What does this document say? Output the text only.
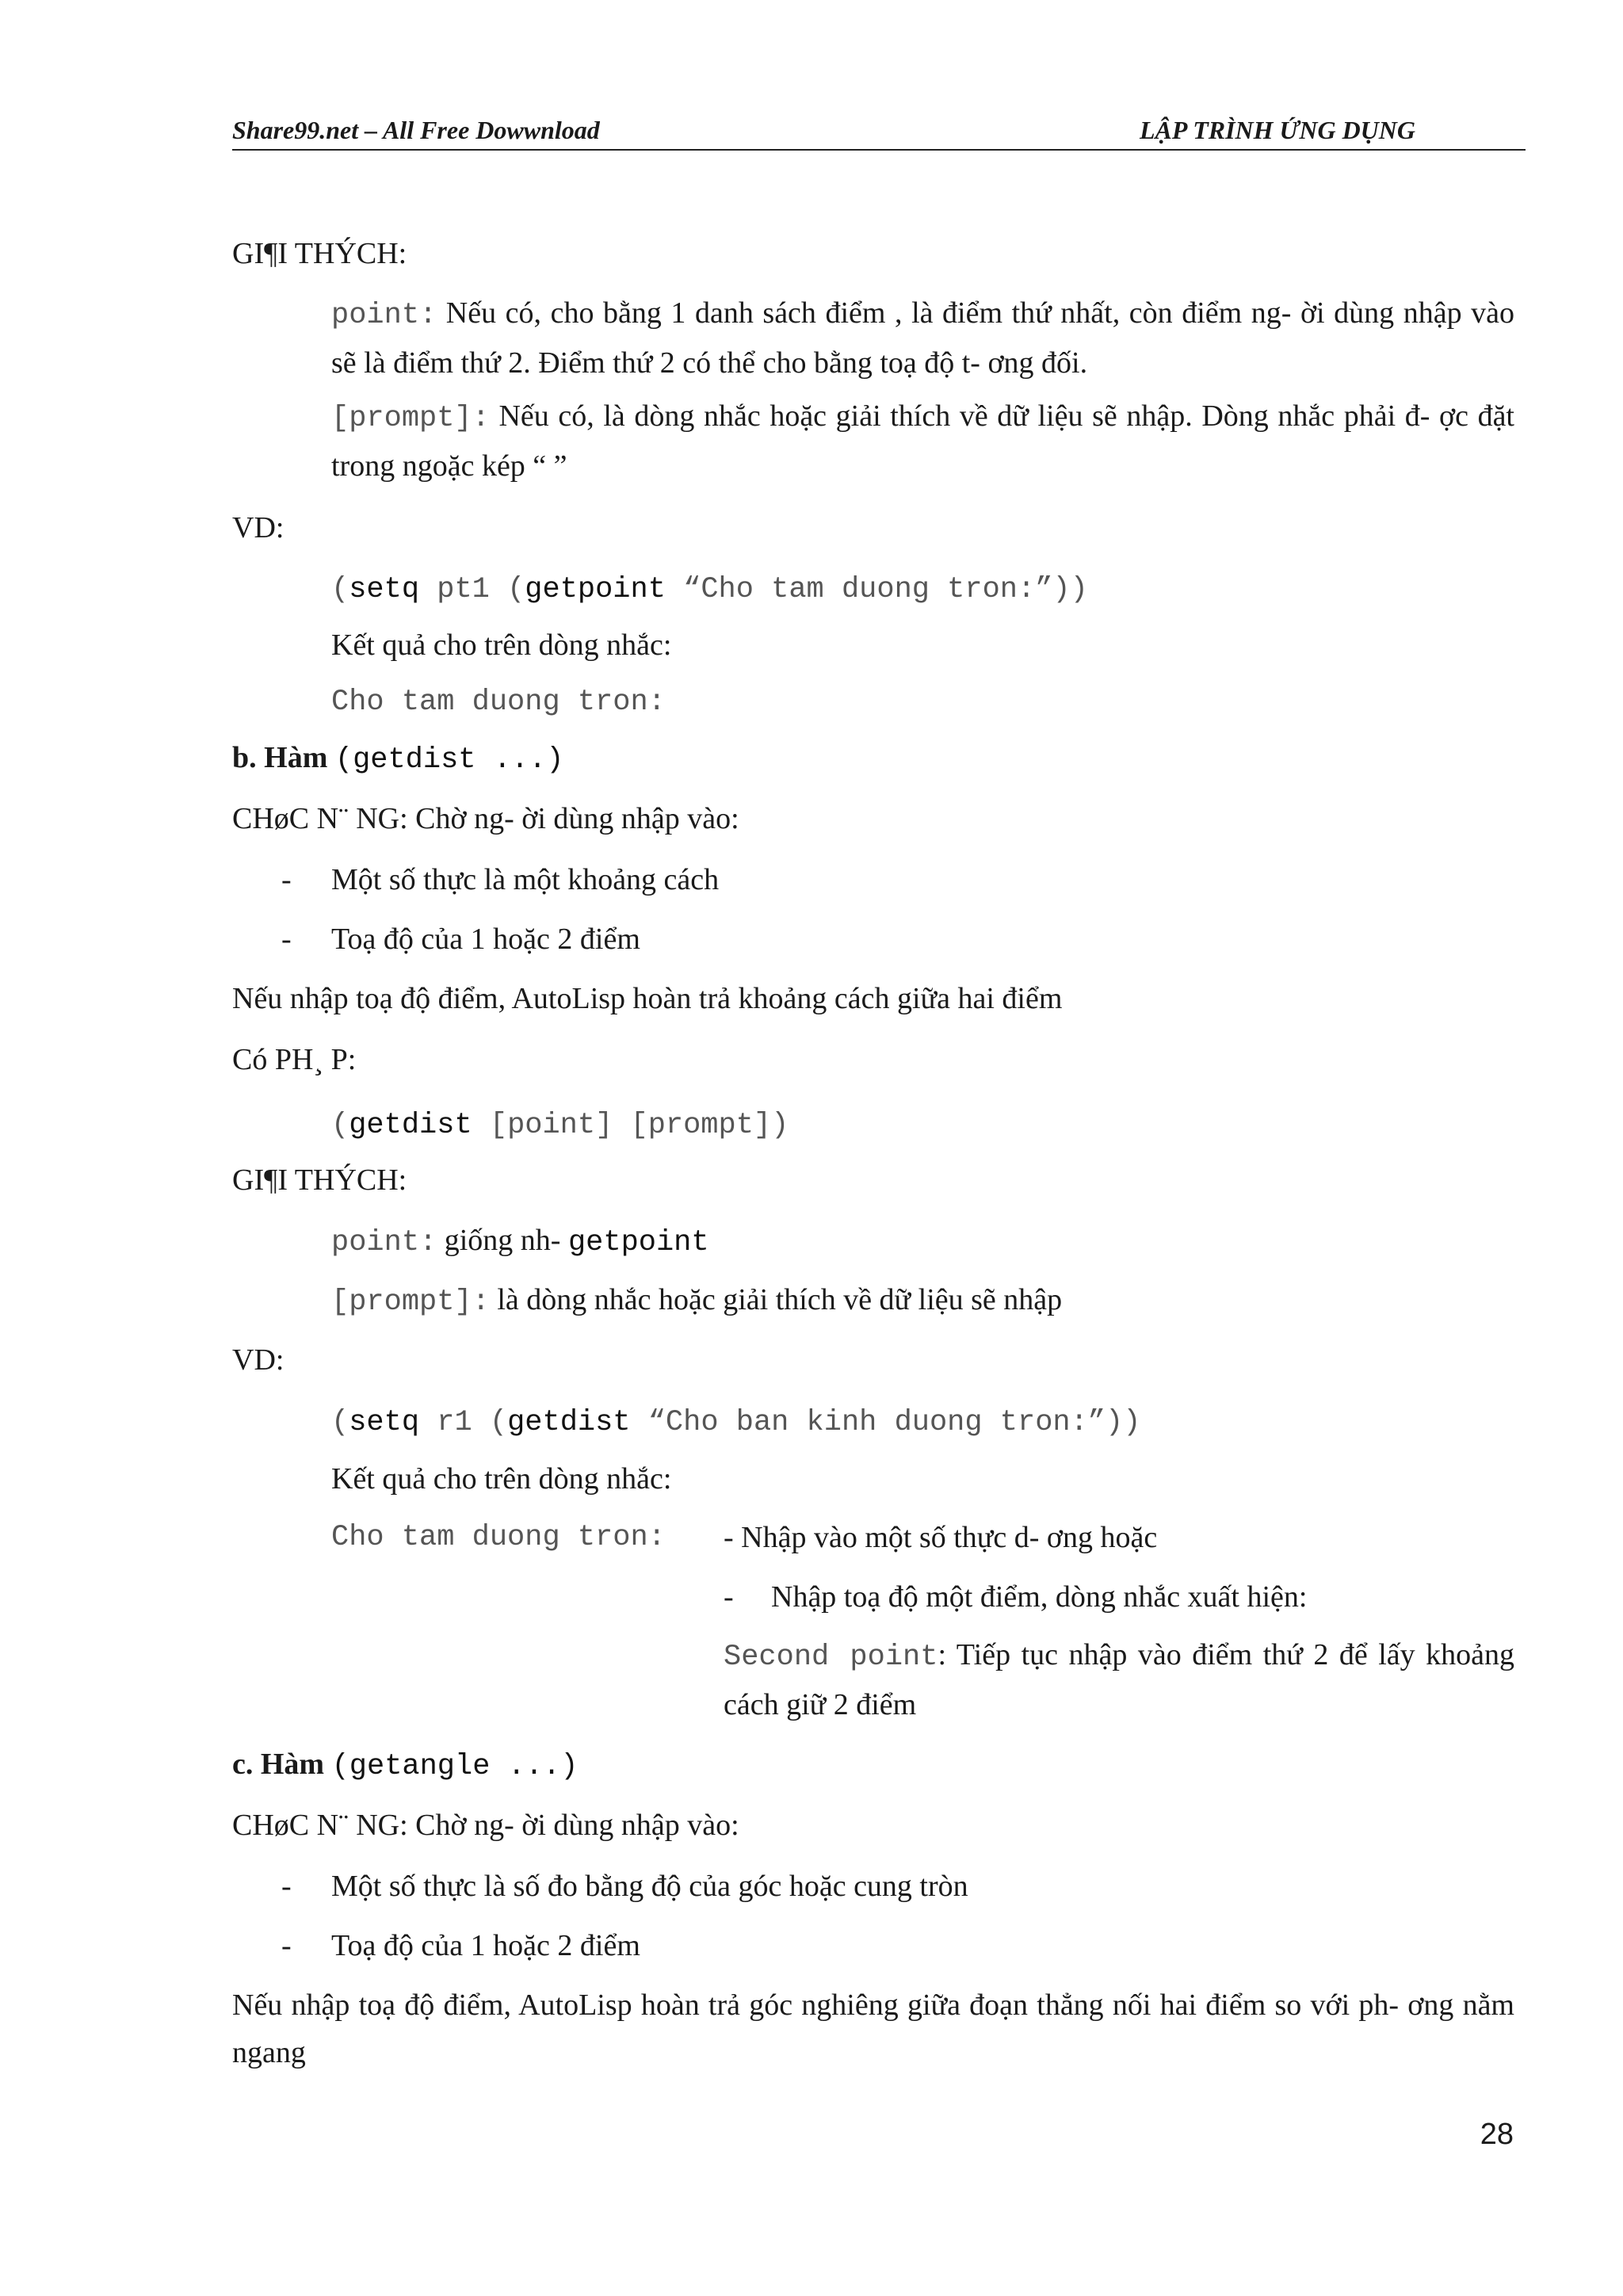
Share99.net – All Free Dowwnload	LẬP TRÌNH ỨNG DỤNG
GI¶I THÝCH:
point: Nếu có, cho bằng 1 danh sách điểm , là điểm thứ nhất, còn điểm ng- ời dùng nhập vào sẽ là điểm thứ 2. Điểm thứ 2 có thể cho bằng toạ độ t- ơng đối.
[prompt]: Nếu có, là dòng nhắc hoặc giải thích về dữ liệu sẽ nhập. Dòng nhắc phải đ- ợc đặt trong ngoặc kép “ ”
VD:
(setq pt1 (getpoint “Cho tam duong tron:”))
Kết quả cho trên dòng nhắc:
Cho tam duong tron:
b. Hàm (getdist ...)
CHøC N¨ NG: Chờ ng- ời dùng nhập vào:
- Một số thực là một khoảng cách
- Toạ độ của 1 hoặc 2 điểm
Nếu nhập toạ độ điểm, AutoLisp hoàn trả khoảng cách giữa hai điểm
Có PH¸ P:
(getdist [point] [prompt])
GI¶I THÝCH:
point: giống nh- getpoint
[prompt]: là dòng nhắc hoặc giải thích về dữ liệu sẽ nhập
VD:
(setq r1 (getdist “Cho ban kinh duong tron:”))
Kết quả cho trên dòng nhắc:
Cho tam duong tron: - Nhập vào một số thực d- ơng hoặc
- Nhập toạ độ một điểm, dòng nhắc xuất hiện:
Second point: Tiếp tục nhập vào điểm thứ 2 để lấy khoảng cách giữ 2 điểm
c. Hàm (getangle ...)
CHøC N¨ NG: Chờ ng- ời dùng nhập vào:
- Một số thực là số đo bằng độ của góc hoặc cung tròn
- Toạ độ của 1 hoặc 2 điểm
Nếu nhập toạ độ điểm, AutoLisp hoàn trả góc nghiêng giữa đoạn thẳng nối hai điểm so với ph- ơng nằm ngang
28
